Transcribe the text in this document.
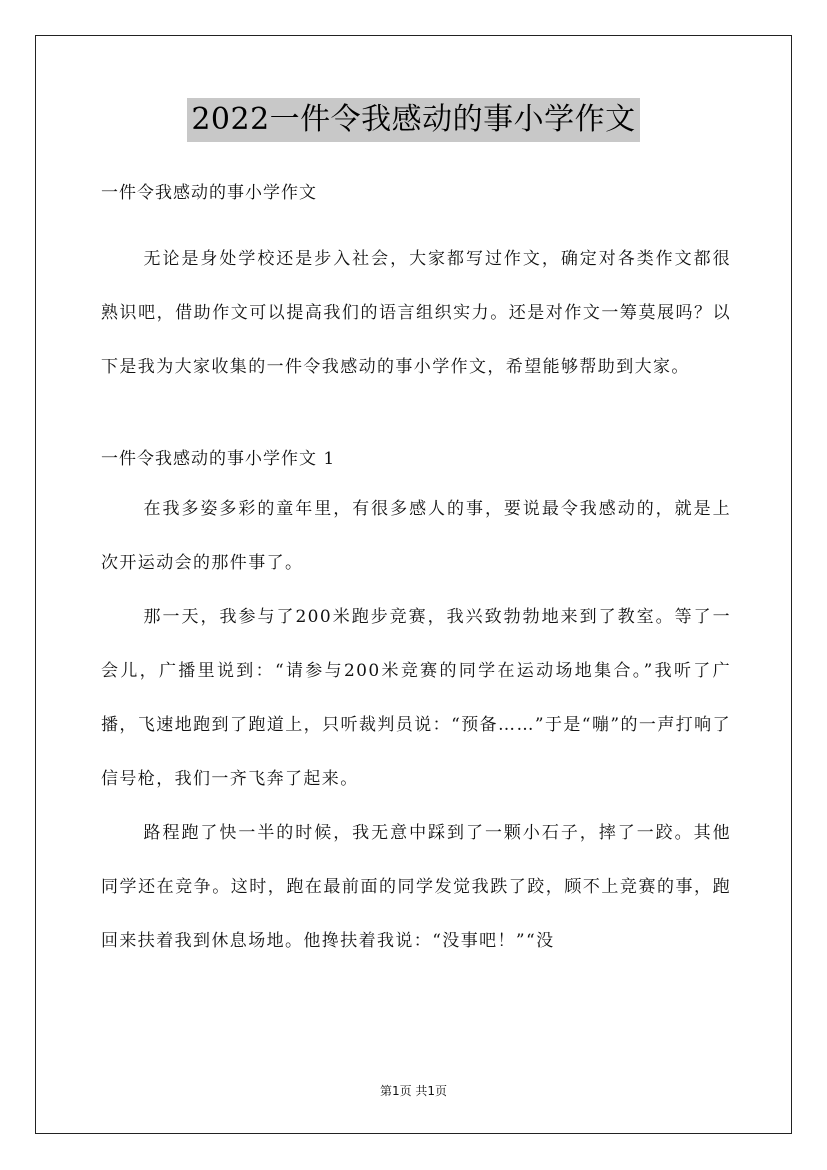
2022一件令我感动的事小学作文

一件令我感动的事小学作文

无论是身处学校还是步入社会，大家都写过作文，确定对各类作文都很熟识吧，借助作文可以提高我们的语言组织实力。还是对作文一筹莫展吗？以下是我为大家收集的一件令我感动的事小学作文，希望能够帮助到大家。

一件令我感动的事小学作文 1

在我多姿多彩的童年里，有很多感人的事，要说最令我感动的，就是上次开运动会的那件事了。

那一天，我参与了200米跑步竞赛，我兴致勃勃地来到了教室。等了一会儿，广播里说到：“请参与200米竞赛的同学在运动场地集合。”我听了广播，飞速地跑到了跑道上，只听裁判员说：“预备……”于是“嘣”的一声打响了信号枪，我们一齐飞奔了起来。

路程跑了快一半的时候，我无意中踩到了一颗小石子，摔了一跤。其他同学还在竞争。这时，跑在最前面的同学发觉我跌了跤，顾不上竞赛的事，跑回来扶着我到休息场地。他搀扶着我说：“没事吧！”“没

第1页 共1页
